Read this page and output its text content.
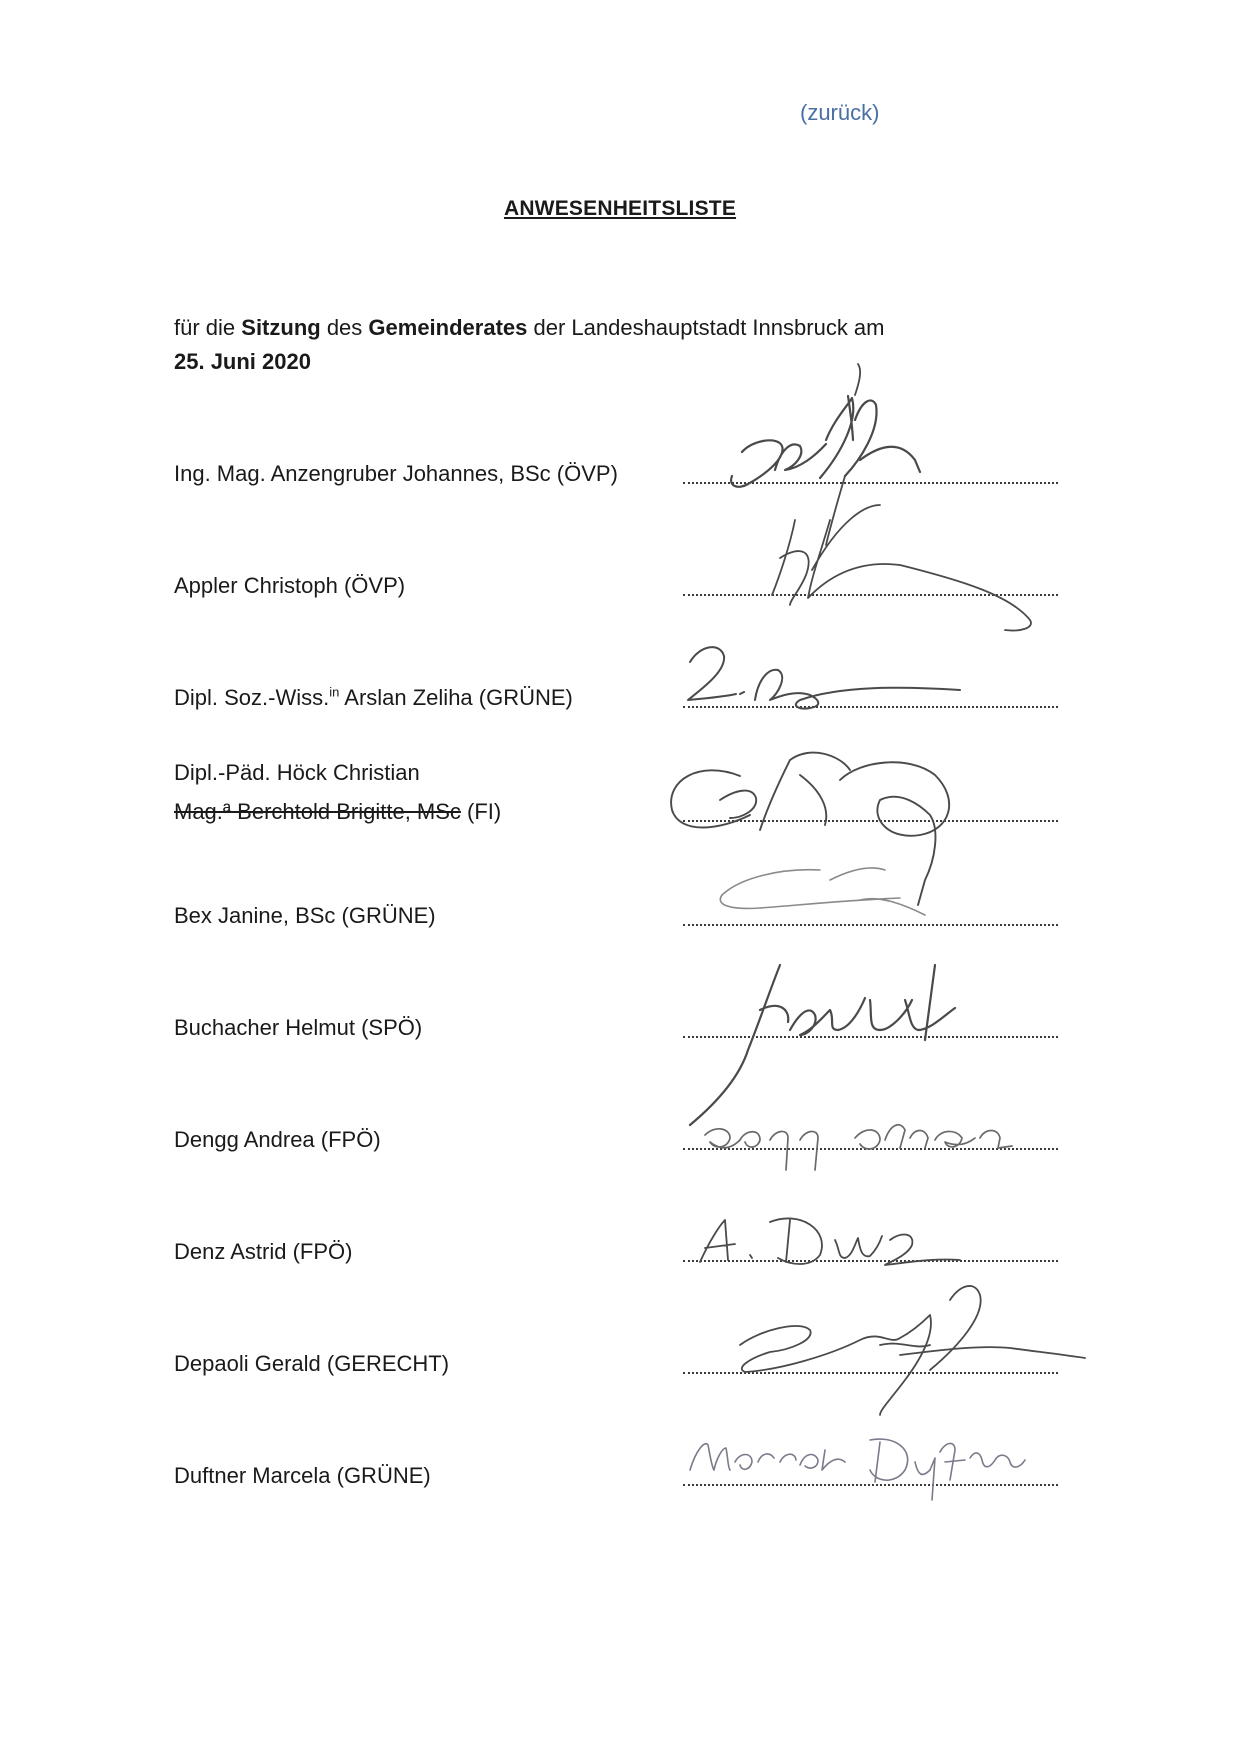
(zurück)
ANWESENHEITSLISTE
für die Sitzung des Gemeinderates der Landeshauptstadt Innsbruck am
25. Juni 2020
Ing. Mag. Anzengruber Johannes, BSc (ÖVP)
Appler Christoph (ÖVP)
Dipl. Soz.-Wiss.$^{in}$ Arslan Zeliha (GRÜNE)
Dipl.-Päd. Höck Christian
Mag.ª Berchtold Brigitte, MSc (FI)
Bex Janine, BSc (GRÜNE)
Buchacher Helmut (SPÖ)
Dengg Andrea (FPÖ)
Denz Astrid (FPÖ)
Depaoli Gerald (GERECHT)
Duftner Marcela (GRÜNE)
